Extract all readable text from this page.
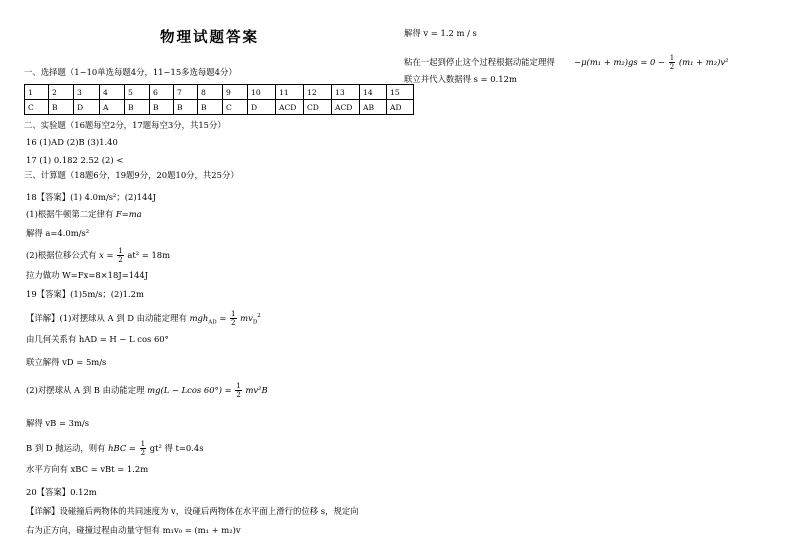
物理试题答案
一、选择题（1~10单选每题4分，11~15多选每题4分）
1	2	3	4	5	6	7	8	9	10	11	12	13	14	15
C	B	D	A	B	B	B	B	C	D	ACD	CD	ACD	AB	AD
二、实验题（16题每空2分，17题每空3分，共15分）
16 (1)AD (2)B (3)1.40
17 (1) 0.182 2.52 (2) <
三、计算题（18题6分，19题9分，20题10分，共25分）
18【答案】(1) 4.0m/s²；(2)144J
(1)根据牛顿第二定律有 F=ma
解得 a=4.0m/s²
(2)根据位移公式有 $x = \frac{1}{2} at^2 = 18m$
拉力做功 W=Fx=8×18J=144J
19【答案】(1)5m/s；(2)1.2m
【详解】(1)对摆球从 A 到 D 由动能定理有 $mgh_{AD} = \frac{1}{2} mv_D^2$
由几何关系有 hAD = H − L cos 60°
联立解得 vD = 5m/s
(2)对摆球从 A 到 B 由动能定理 mg(L − Lcos $60^\circ) = \frac{1}{2} mv^2B$
解得 vB = 3m/s
B 到 D 抛运动，则有 hBC = $\frac{1}{2} gt^2$ 得 t=0.4s
水平方向有 xBC = vBt = 1.2m
20【答案】0.12m
【详解】设碰撞后两物体的共同速度为 v，设碰后两物体在水平面上滑行的位移 s，规定向
右为正方向，碰撞过程由动量守恒有 m₁v₀ = (m₁ + m₂)v
解得 v = 1.2 m / s
粘在一起到停止这个过程根据动能定理得 $-\mu(m_1 + m_2)gs = 0 - \frac{1}{2} (m_1 + m_2)v^2$
联立并代入数据得 s = 0.12m
